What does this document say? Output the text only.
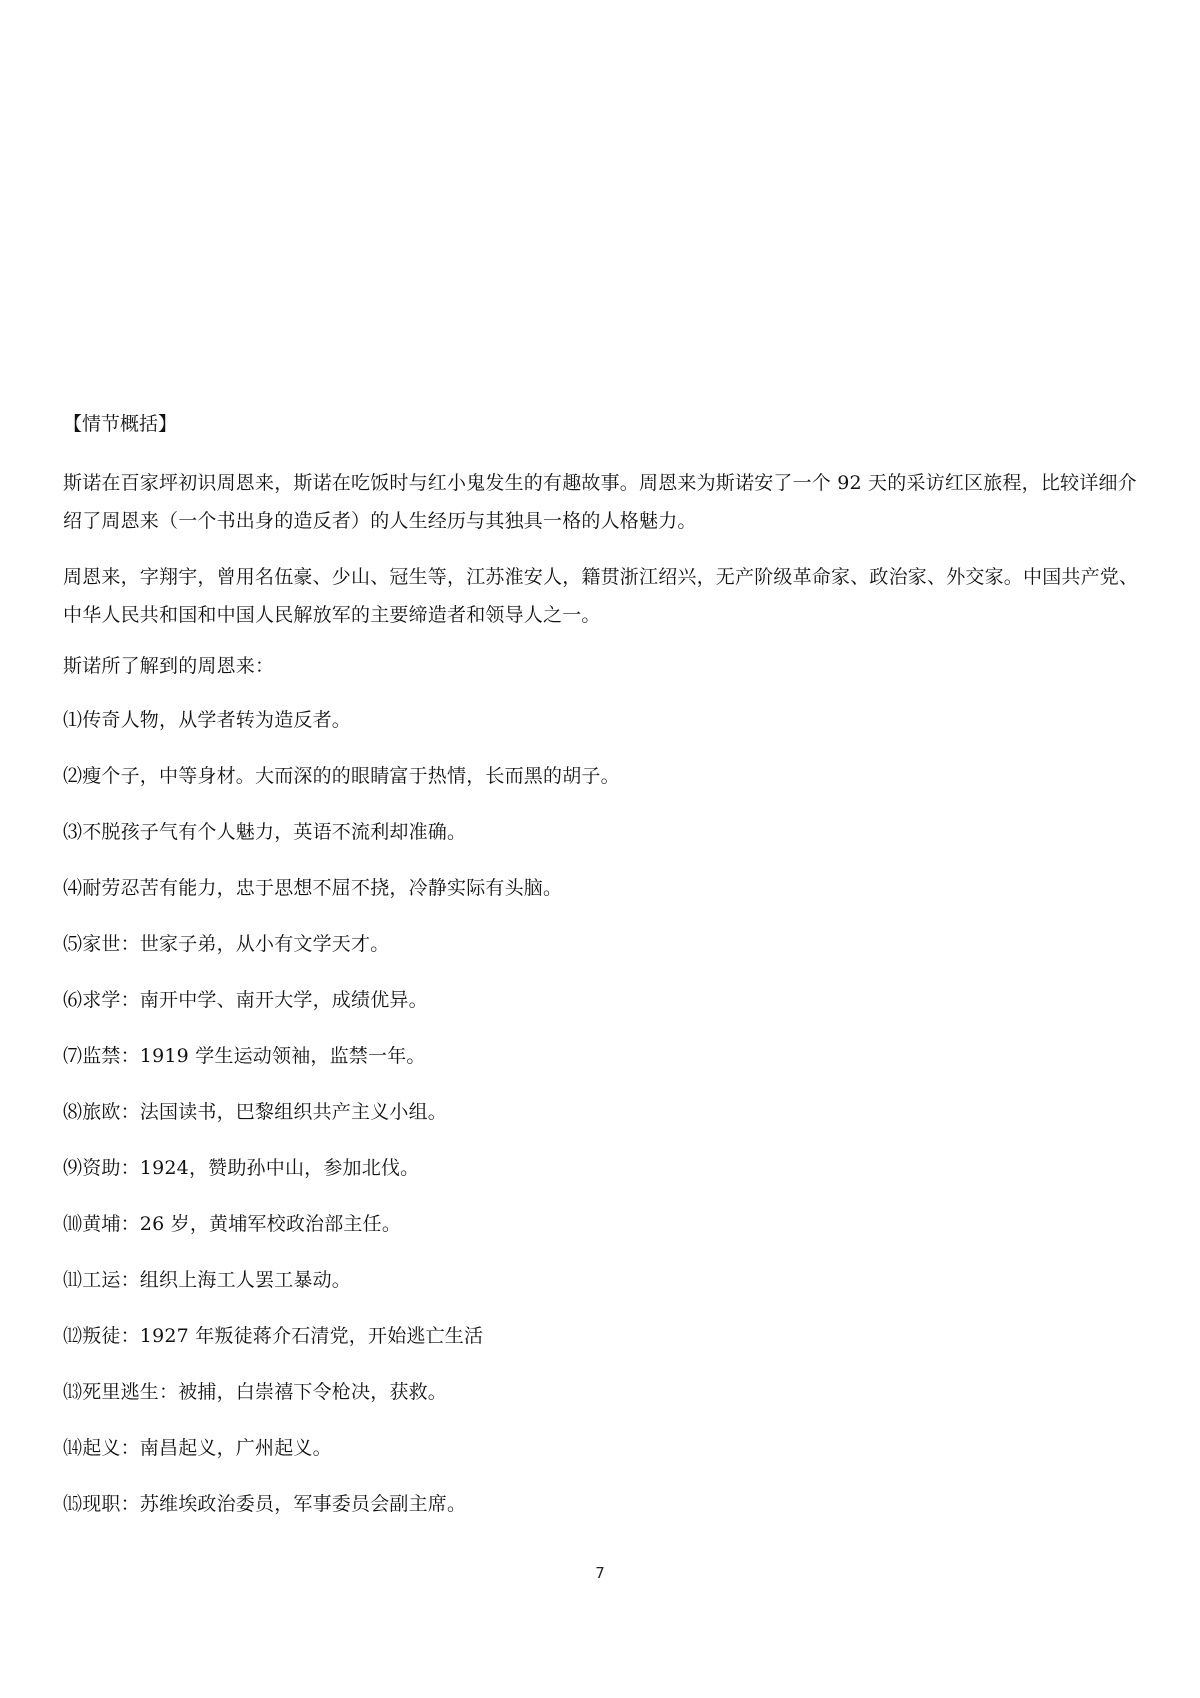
【情节概括】
斯诺在百家坪初识周恩来，斯诺在吃饭时与红小鬼发生的有趣故事。周恩来为斯诺安了一个 92 天的采访红区旅程，比较详细介绍了周恩来（一个书出身的造反者）的人生经历与其独具一格的人格魅力。
周恩来，字翔宇，曾用名伍豪、少山、冠生等，江苏淮安人，籍贯浙江绍兴，无产阶级革命家、政治家、外交家。中国共产党、中华人民共和国和中国人民解放军的主要缔造者和领导人之一。
斯诺所了解到的周恩来：
⑴传奇人物，从学者转为造反者。
⑵瘦个子，中等身材。大而深的的眼睛富于热情，长而黑的胡子。
⑶不脱孩子气有个人魅力，英语不流利却准确。
⑷耐劳忍苦有能力，忠于思想不屈不挠，冷静实际有头脑。
⑸家世：世家子弟，从小有文学天才。
⑹求学：南开中学、南开大学，成绩优异。
⑺监禁：1919 学生运动领袖，监禁一年。
⑻旅欧：法国读书，巴黎组织共产主义小组。
⑼资助：1924，赞助孙中山，参加北伐。
⑽黄埔：26 岁，黄埔军校政治部主任。
⑾工运：组织上海工人罢工暴动。
⑿叛徒：1927 年叛徒蒋介石清党，开始逃亡生活
⒀死里逃生：被捕，白崇禧下令枪决，获救。
⒁起义：南昌起义，广州起义。
⒂现职：苏维埃政治委员，军事委员会副主席。
7
